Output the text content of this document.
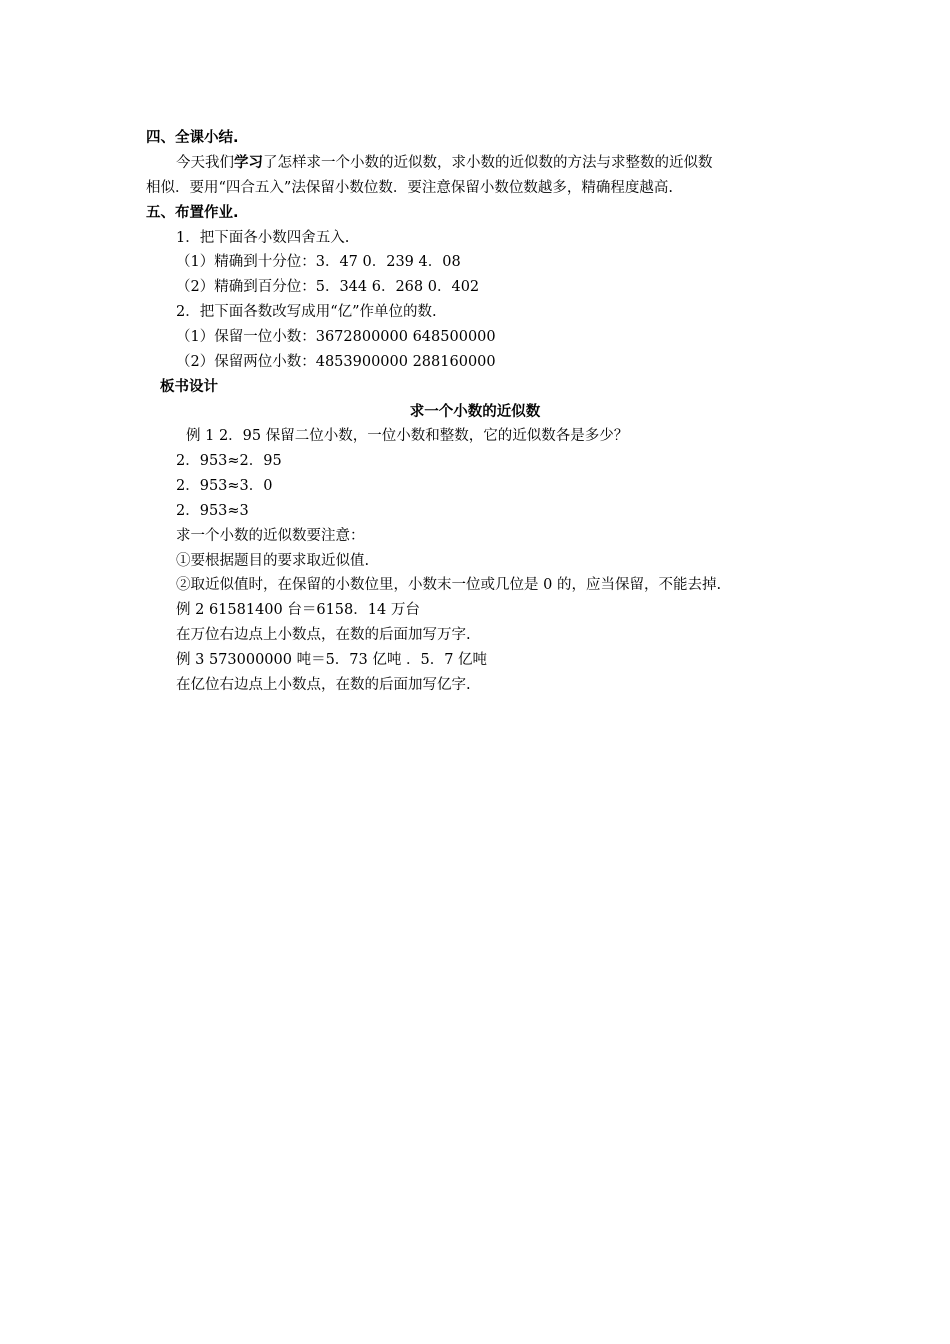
四、全课小结.
今天我们学习了怎样求一个小数的近似数，求小数的近似数的方法与求整数的近似数
相似．要用“四合五入”法保留小数位数．要注意保留小数位数越多，精确程度越高.
五、布置作业.
1．把下面各小数四舍五入.
（1）精确到十分位：3．47 0．239 4．08
（2）精确到百分位：5．344 6．268 0．402
2．把下面各数改写成用“亿”作单位的数.
（1）保留一位小数：3672800000 648500000
（2）保留两位小数：4853900000 288160000
板书设计
求一个小数的近似数
例 1 2．95 保留二位小数，一位小数和整数，它的近似数各是多少？
2．953≈2．95
2．953≈3．0
2．953≈3
求一个小数的近似数要注意：
①要根据题目的要求取近似值.
②取近似值时，在保留的小数位里，小数末一位或几位是 0 的，应当保留，不能去掉.
例 2 61581400 台＝6158．14 万台
在万位右边点上小数点，在数的后面加写万字.
例 3 573000000 吨＝5．73 亿吨 ．5．7 亿吨
在亿位右边点上小数点，在数的后面加写亿字.
